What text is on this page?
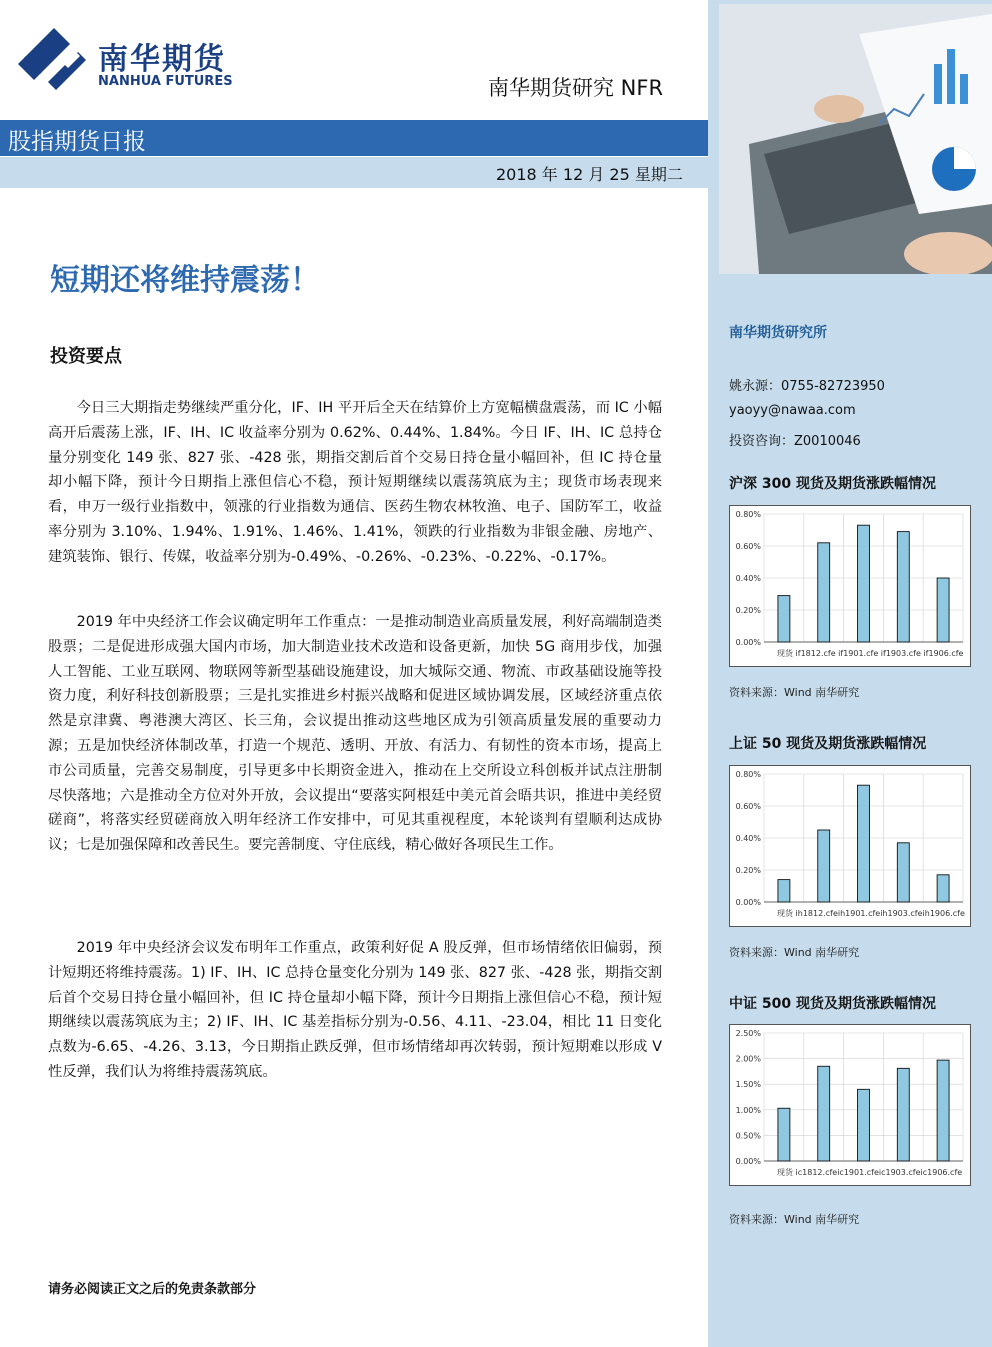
南华期货
NANHUA FUTURES	南华期货研究 NFR
股指期货日报
2018 年 12 月 25 星期二
短期还将维持震荡！
投资要点

今日三大期指走势继续严重分化，IF、IH 平开后全天在结算价上方宽幅横盘震荡，而 IC 小幅高开后震荡上涨，IF、IH、IC 收益率分别为 0.62%、0.44%、1.84%。今日 IF、IH、IC 总持仓量分别变化 149 张、827 张、-428 张，期指交割后首个交易日持仓量小幅回补，但 IC 持仓量却小幅下降，预计今日期指上涨但信心不稳，预计短期继续以震荡筑底为主；现货市场表现来看，申万一级行业指数中，领涨的行业指数为通信、医药生物农林牧渔、电子、国防军工，收益率分别为 3.10%、1.94%、1.91%、1.46%、1.41%，领跌的行业指数为非银金融、房地产、建筑装饰、银行、传媒，收益率分别为-0.49%、-0.26%、-0.23%、-0.22%、-0.17%。

2019 年中央经济工作会议确定明年工作重点：一是推动制造业高质量发展，利好高端制造类股票；二是促进形成强大国内市场，加大制造业技术改造和设备更新，加快 5G 商用步伐，加强人工智能、工业互联网、物联网等新型基础设施建设，加大城际交通、物流、市政基础设施等投资力度，利好科技创新股票；三是扎实推进乡村振兴战略和促进区域协调发展，区域经济重点依然是京津冀、粤港澳大湾区、长三角，会议提出推动这些地区成为引领高质量发展的重要动力源；五是加快经济体制改革，打造一个规范、透明、开放、有活力、有韧性的资本市场，提高上市公司质量，完善交易制度，引导更多中长期资金进入，推动在上交所设立科创板并试点注册制尽快落地；六是推动全方位对外开放，会议提出“要落实阿根廷中美元首会晤共识，推进中美经贸磋商”，将落实经贸磋商放入明年经济工作安排中，可见其重视程度，本轮谈判有望顺利达成协议；七是加强保障和改善民生。要完善制度、守住底线，精心做好各项民生工作。

2019 年中央经济会议发布明年工作重点，政策利好促 A 股反弹，但市场情绪依旧偏弱，预计短期还将维持震荡。1) IF、IH、IC 总持仓量变化分别为 149 张、827 张、-428 张，期指交割后首个交易日持仓量小幅回补，但 IC 持仓量却小幅下降，预计今日期指上涨但信心不稳，预计短期继续以震荡筑底为主；2) IF、IH、IC 基差指标分别为-0.56、4.11、-23.04，相比 11 日变化点数为-6.65、-4.26、3.13，今日期指止跌反弹，但市场情绪却再次转弱，预计短期难以形成 V 性反弹，我们认为将维持震荡筑底。

请务必阅读正文之后的免责条款部分
南华期货研究所
姚永源：0755-82723950
yaoyy@nawaa.com
投资咨询：Z0010046
沪深 300 现货及期货涨跌幅情况
0.00%
0.20%
0.40%
0.60%
0.80%
现货 if1812.cfe if1901.cfe if1903.cfe if1906.cfe
资料来源：Wind 南华研究
上证 50 现货及期货涨跌幅情况
0.00%
0.20%
0.40%
0.60%
0.80%
现货 ih1812.cfeih1901.cfeih1903.cfeih1906.cfe
资料来源：Wind 南华研究
中证 500 现货及期货涨跌幅情况
0.00%
0.50%
1.00%
1.50%
2.00%
2.50%
现货 ic1812.cfeic1901.cfeic1903.cfeic1906.cfe
资料来源：Wind 南华研究
